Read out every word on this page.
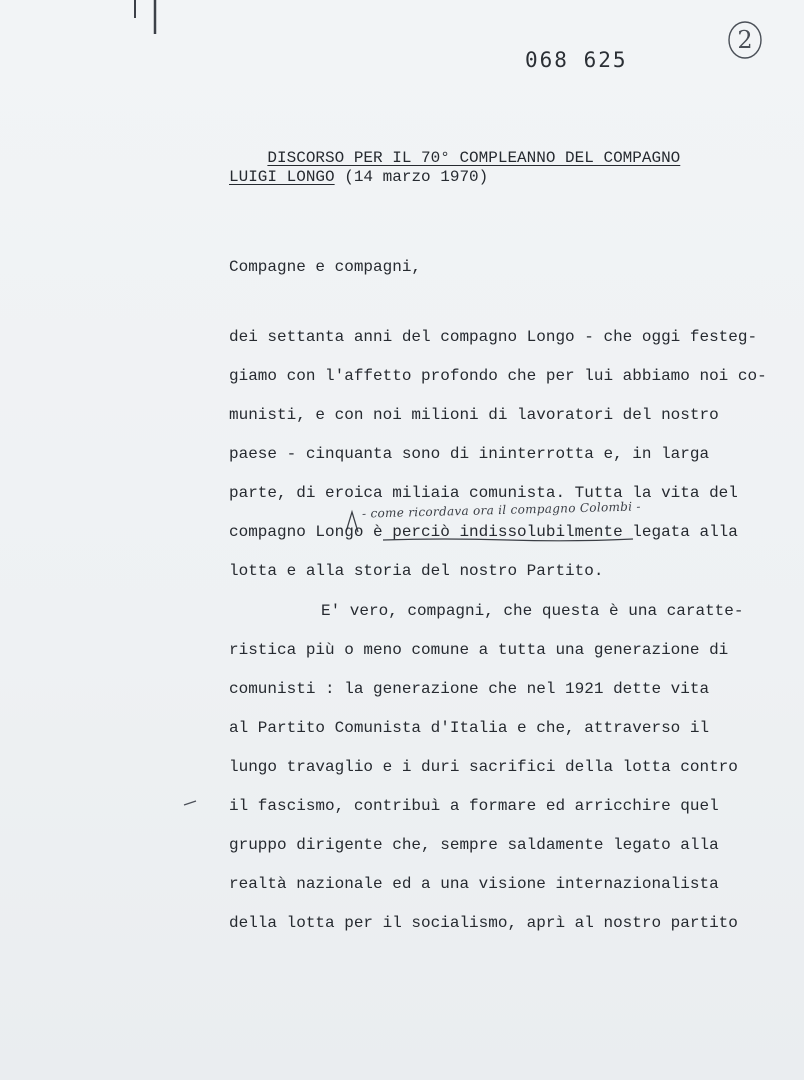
068 625
2

DISCORSO PER IL 70° COMPLEANNO DEL COMPAGNO

LUIGI LONGO (14 marzo 1970)
Compagne e compagni,
dei settanta anni del compagno Longo - che oggi festeg-
giamo con l'affetto profondo che per lui abbiamo noi co-
munisti, e con noi milioni di lavoratori del nostro
paese - cinquanta sono di ininterrotta e, in larga
parte, di eroica miliaia comunista. Tutta la vita del
- come ricordava ora il compagno Colombi -
compagno Longo è perciò indissolubilmente legata alla
lotta e alla storia del nostro Partito.
E' vero, compagni, che questa è una caratte-
ristica più o meno comune a tutta una generazione di
comunisti : la generazione che nel 1921 dette vita
al Partito Comunista d'Italia e che, attraverso il
lungo travaglio e i duri sacrifici della lotta contro
il fascismo, contribuì a formare ed arricchire quel
gruppo dirigente che, sempre saldamente legato alla
realtà nazionale ed a una visione internazionalista
della lotta per il socialismo, aprì al nostro partito
